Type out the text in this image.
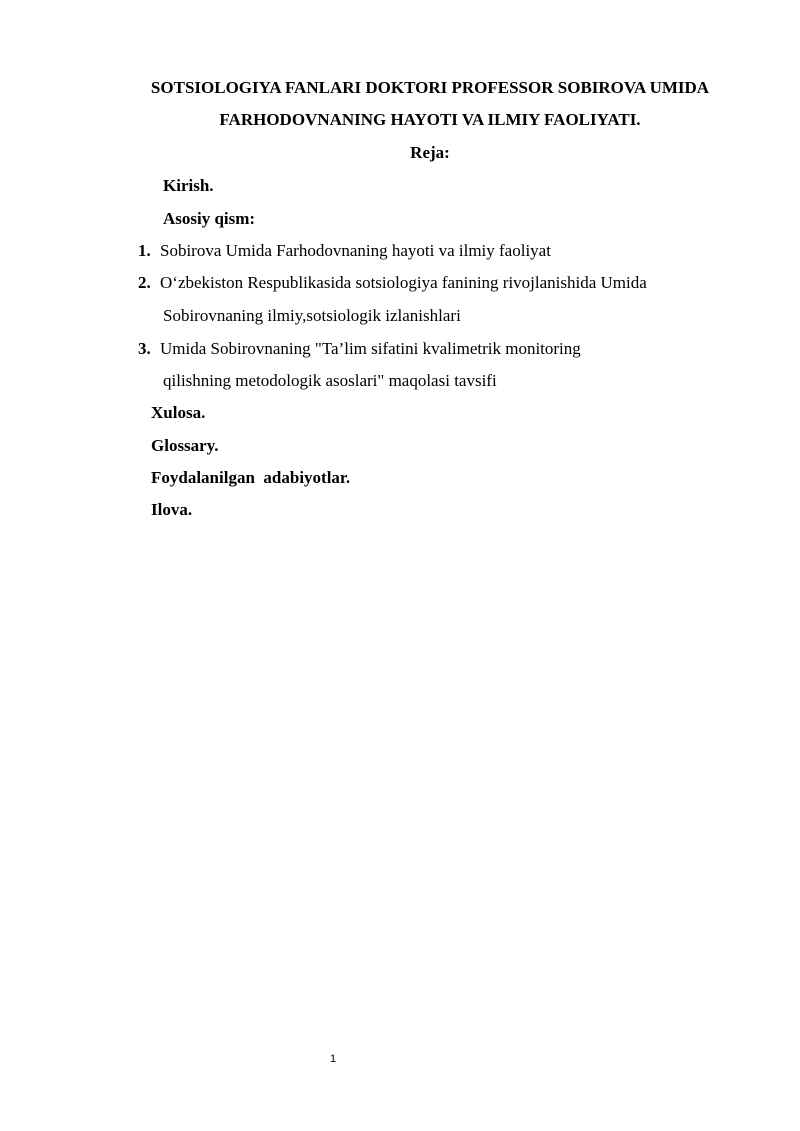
SOTSIOLOGIYA FANLARI DOKTORI PROFESSOR SOBIROVA UMIDA
FARHODOVNANING HAYOTI VA ILMIY FAOLIYATI.
Reja:
Kirish.
Asosiy qism:
1. Sobirova Umida Farhodovnaning hayoti va ilmiy faoliyat
2. O‘zbekiston Respublikasida sotsiologiya fanining rivojlanishida Umida
Sobirovnaning ilmiy,sotsiologik izlanishlari
3. Umida Sobirovnaning "Ta’lim sifatini kvalimetrik monitoring
qilishning metodologik asoslari" maqolasi tavsifi
Xulosa.
Glossary.
Foydalanilgan  adabiyotlar.
Ilova.
1
